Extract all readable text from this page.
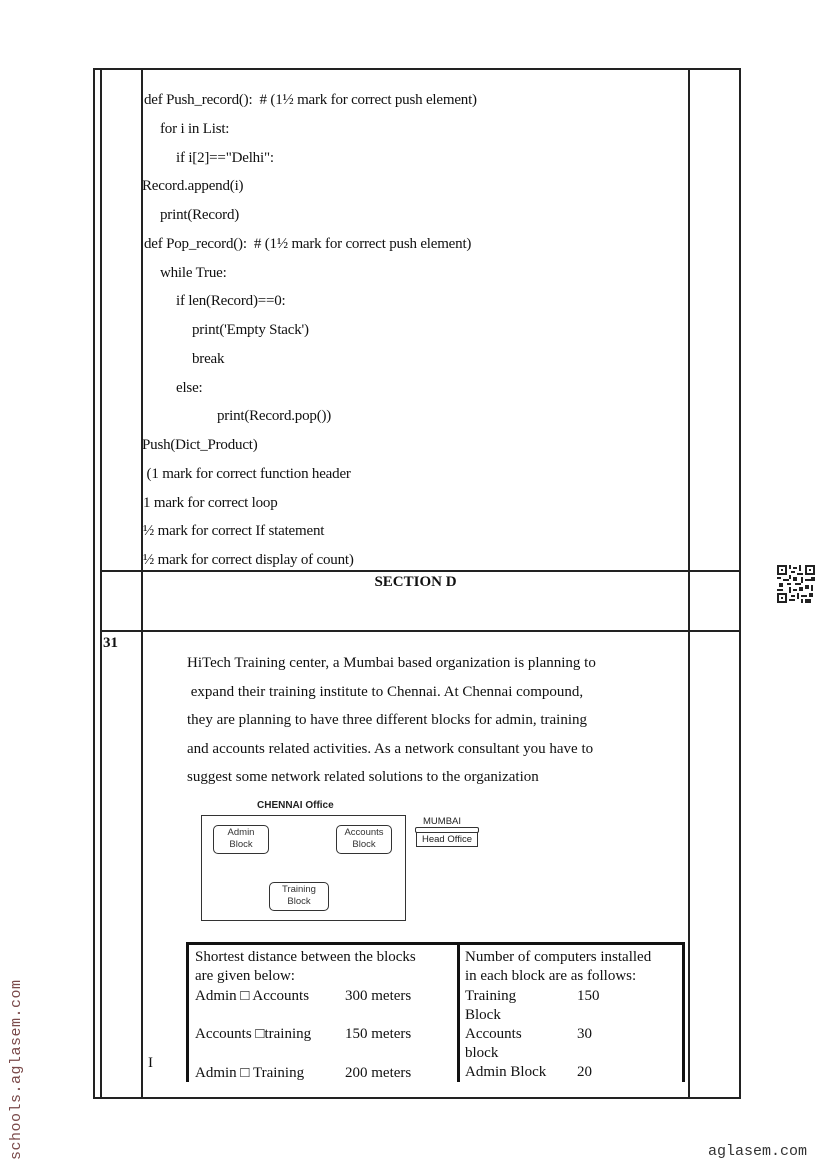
def Push_record():  # (1½ mark for correct push element)
for i in List:
if i[2]=="Delhi":
Record.append(i)
print(Record)
def Pop_record():  # (1½ mark for correct push element)
while True:
if len(Record)==0:
print('Empty Stack')
break
else:
print(Record.pop())
Push(Dict_Product)
(1 mark for correct function header
1 mark for correct loop
½ mark for correct If statement
½ mark for correct display of count)
SECTION D
31
HiTech Training center, a Mumbai based organization is planning to
expand their training institute to Chennai. At Chennai compound,
they are planning to have three different blocks for admin, training
and accounts related activities. As a network consultant you have to
suggest some network related solutions to the organization
CHENNAI Office
Admin
Block
Accounts
Block
Training
Block
MUMBAI
Head Office
Shortest distance between the blocks
are given below:
Admin □ Accounts 300 meters
Accounts □training 150 meters
Admin □ Training	200 meters
Number of computers installed
in each block are as follows:
Training
Block
150
Accounts
block
30
Admin Block 20
I
schools.aglasem.com	aglasem.com
